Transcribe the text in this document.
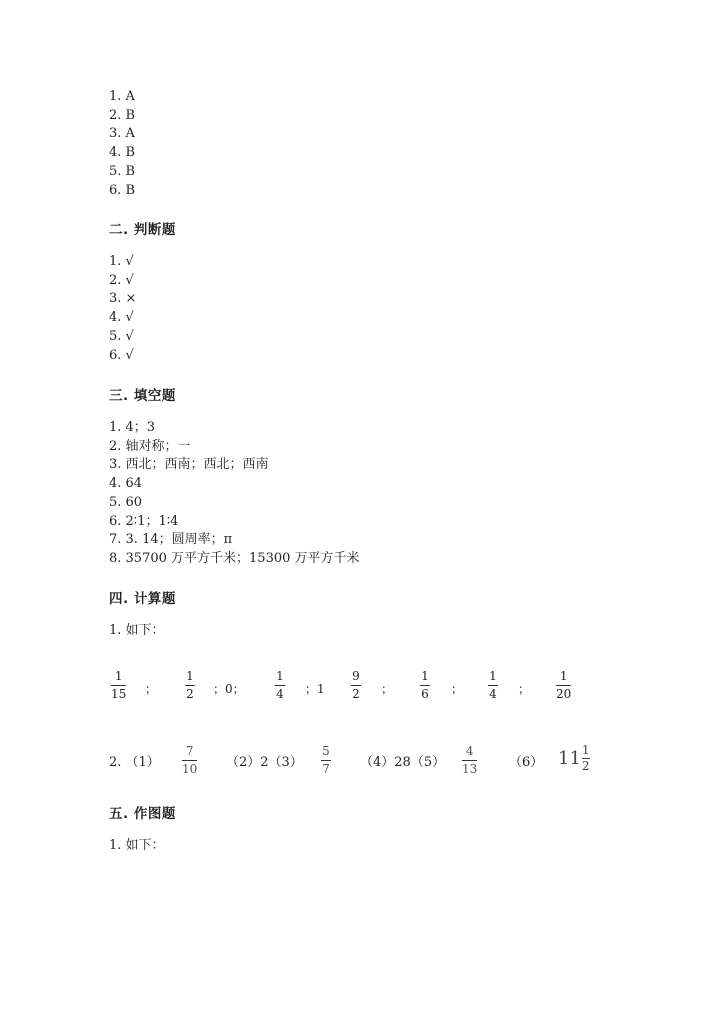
1. A
2. B
3. A
4. B
5. B
6. B
二. 判断题
1. √
2. √
3. ×
4. √
5. √
6. √
三. 填空题
1. 4；3
2. 轴对称；一
3. 西北；西南；西北；西南
4. 64
5. 60
6. 2∶1；1∶4
7. 3. 14；圆周率；π
8. 35700 万平方千米；15300 万平方千米
四. 计算题
1. 如下：
1
15 ；
1
2 ；0；
1
4 ；1
9
2 ；
1
6 ；
1
4 ；
1
20
2. （1）
7
10 （2）2（3）
5
7 （4）28（5）
4
13 （6） $11 \frac{1}{2}$
五. 作图题
1. 如下：
